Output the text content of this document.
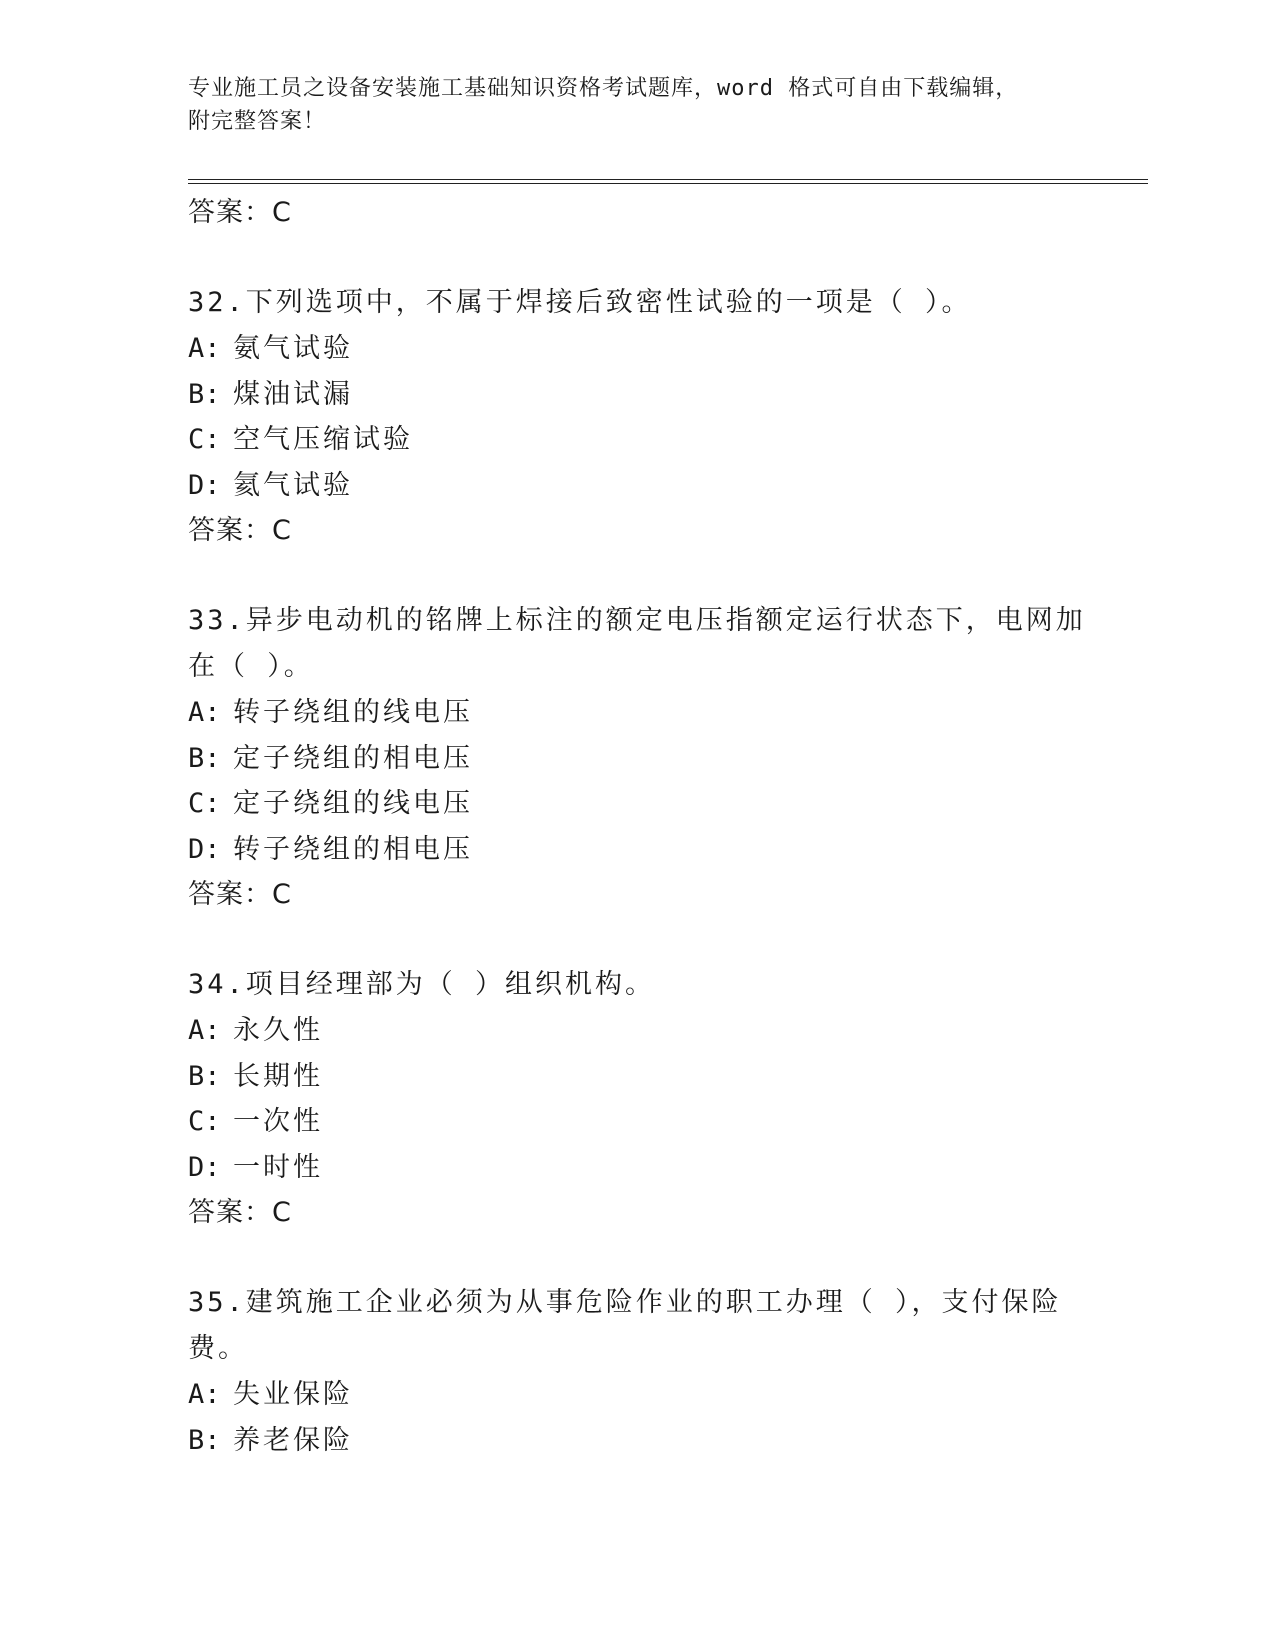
专业施工员之设备安装施工基础知识资格考试题库，word 格式可自由下载编辑，
附完整答案！
答案：C
32.下列选项中，不属于焊接后致密性试验的一项是（ ）。
A: 氨气试验
B: 煤油试漏
C: 空气压缩试验
D: 氦气试验
答案：C
33.异步电动机的铭牌上标注的额定电压指额定运行状态下，电网加在（ ）。
A: 转子绕组的线电压
B: 定子绕组的相电压
C: 定子绕组的线电压
D: 转子绕组的相电压
答案：C
34.项目经理部为（ ）组织机构。
A: 永久性
B: 长期性
C: 一次性
D: 一时性
答案：C
35.建筑施工企业必须为从事危险作业的职工办理（ ），支付保险费。
A: 失业保险
B: 养老保险
